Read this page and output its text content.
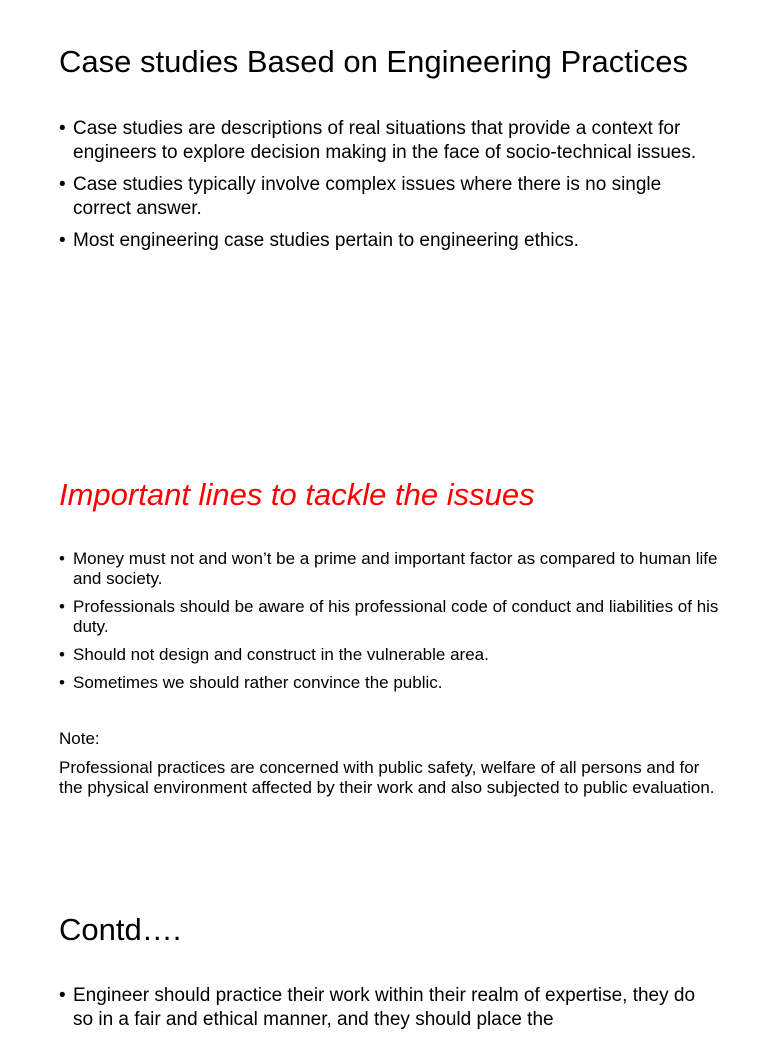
Case studies Based on Engineering Practices
• Case studies are descriptions of real situations that provide a context for engineers to explore decision making in the face of socio-technical issues.
• Case studies typically involve complex issues where there is no single correct answer.
• Most engineering case studies pertain to engineering ethics.
Important lines to tackle the issues
• Money must not and won’t be a prime and important factor as compared to human life and society.
• Professionals should be aware of his professional code of conduct and liabilities of his duty.
• Should not design and construct in the vulnerable area.
• Sometimes we should rather convince the public.

Note:

Professional practices are concerned with public safety, welfare of all persons and for the physical environment affected by their work and also subjected to public evaluation.

Contd….
• Engineer should practice their work within their realm of expertise, they do so in a fair and ethical manner, and they should place the
